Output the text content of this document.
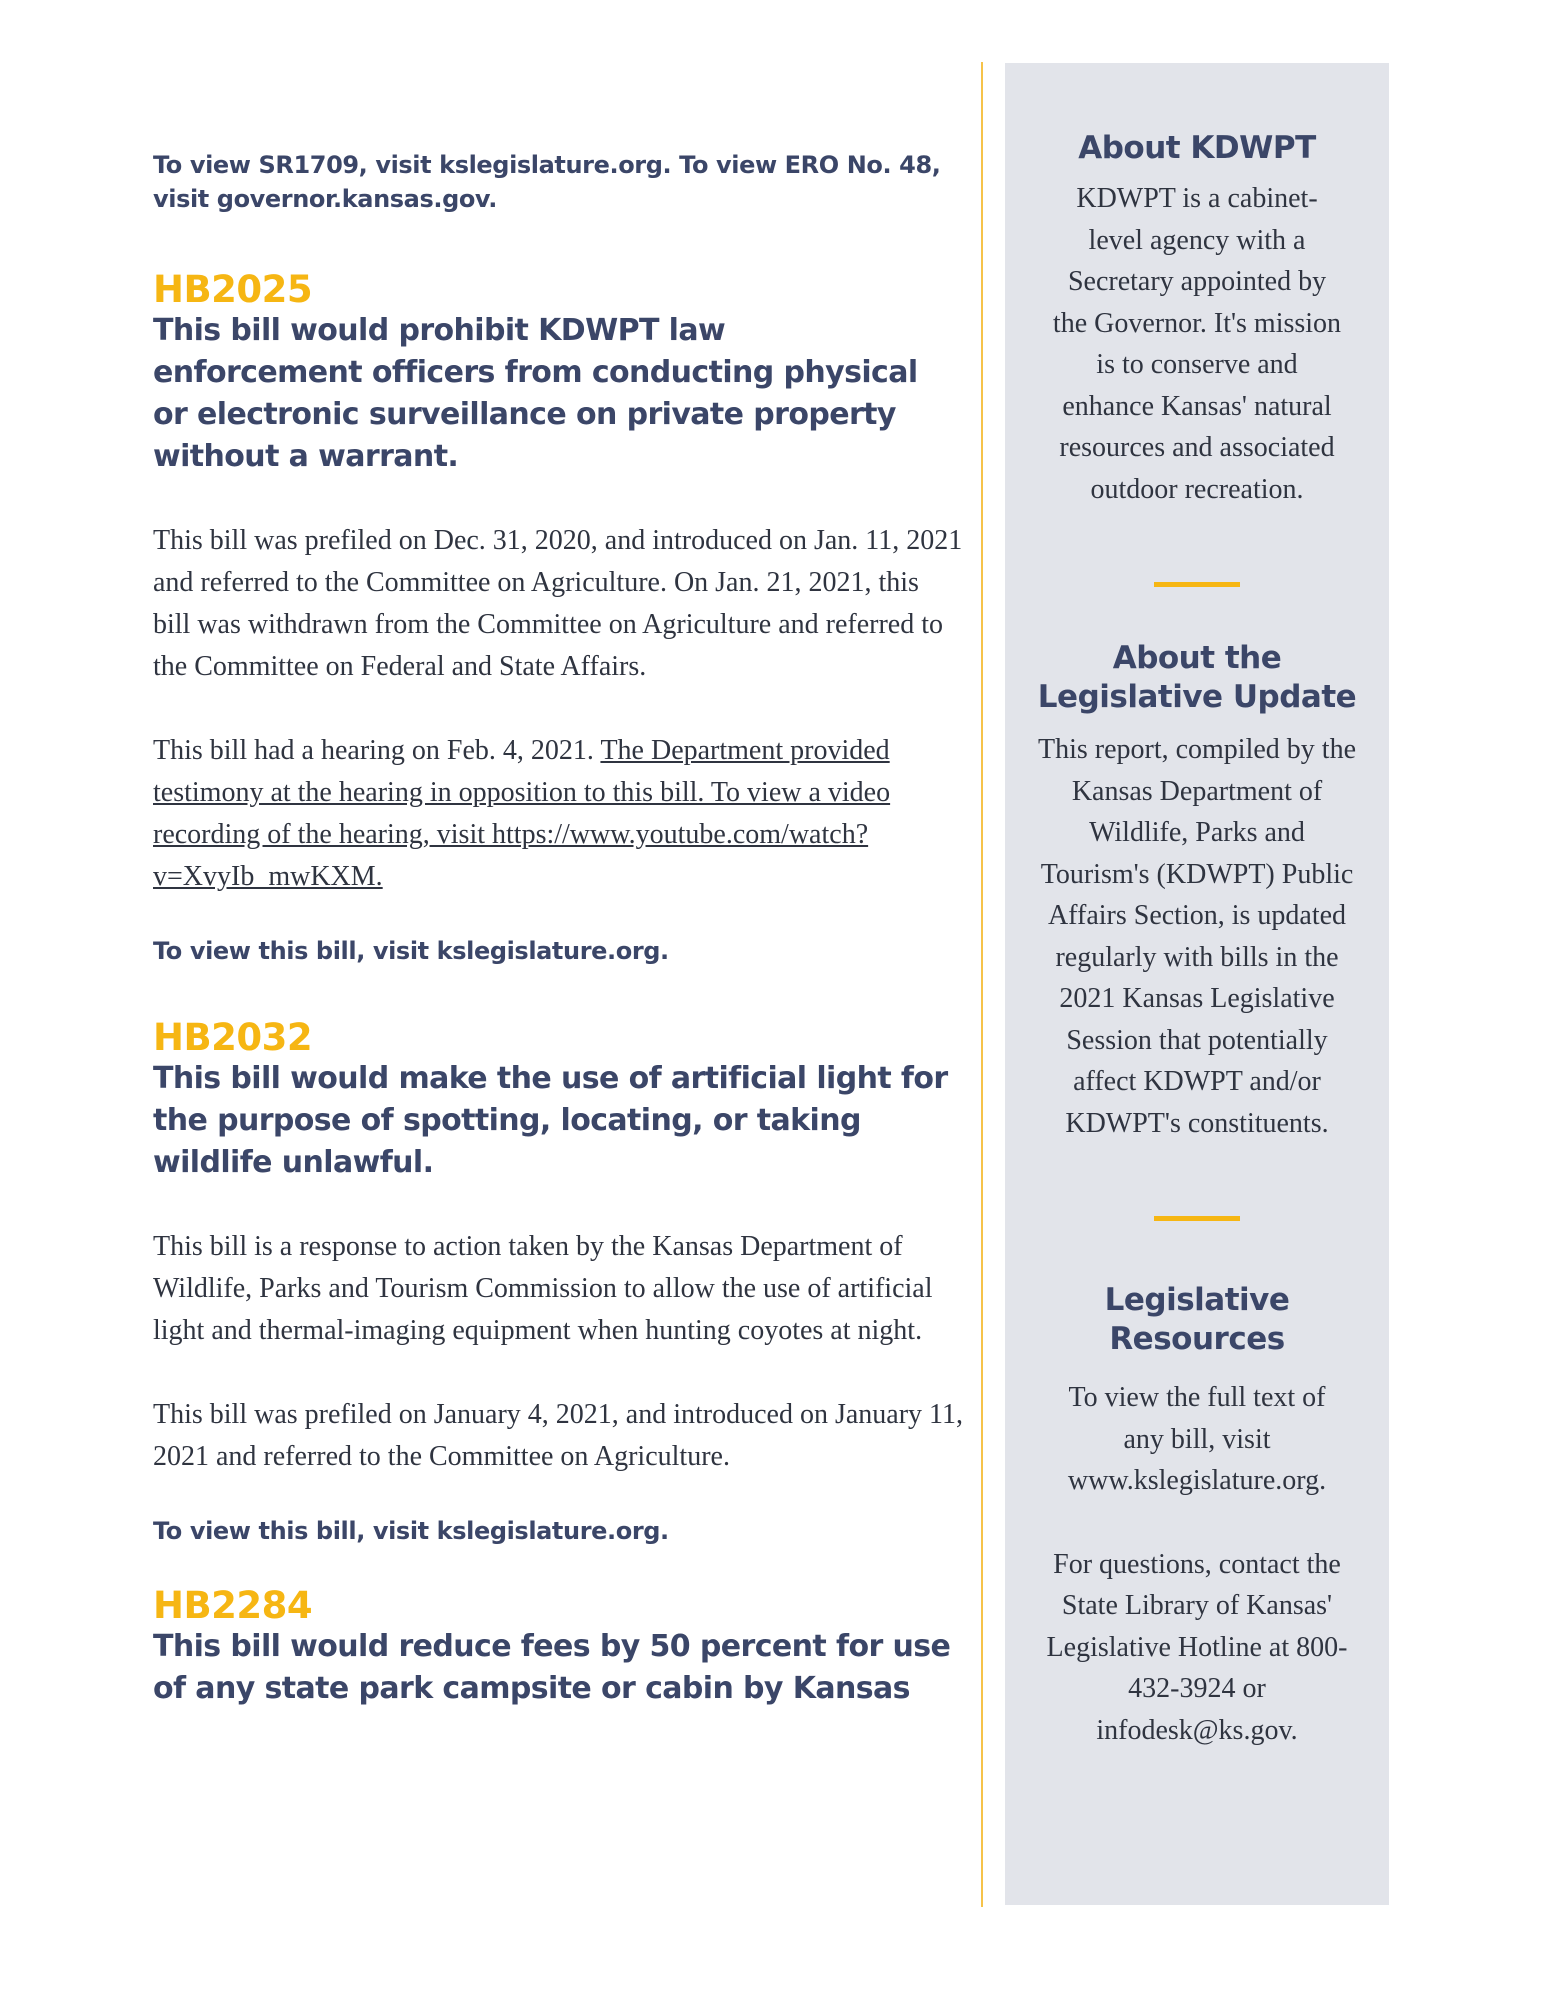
To view SR1709, visit kslegislature.org. To view ERO No. 48, visit governor.kansas.gov.

HB2025

This bill would prohibit KDWPT law enforcement officers from conducting physical or electronic surveillance on private property without a warrant.

This bill was prefiled on Dec. 31, 2020, and introduced on Jan. 11, 2021 and referred to the Committee on Agriculture. On Jan. 21, 2021, this bill was withdrawn from the Committee on Agriculture and referred to the Committee on Federal and State Affairs.

This bill had a hearing on Feb. 4, 2021. The Department provided testimony at the hearing in opposition to this bill. To view a video recording of the hearing, visit https://www.youtube.com/watch?v=XvyIb_mwKXM.

To view this bill, visit kslegislature.org.

HB2032

This bill would make the use of artificial light for the purpose of spotting, locating, or taking wildlife unlawful.

This bill is a response to action taken by the Kansas Department of Wildlife, Parks and Tourism Commission to allow the use of artificial light and thermal-imaging equipment when hunting coyotes at night.

This bill was prefiled on January 4, 2021, and introduced on January 11, 2021 and referred to the Committee on Agriculture.

To view this bill, visit kslegislature.org.

HB2284

This bill would reduce fees by 50 percent for use of any state park campsite or cabin by Kansas

About KDWPT

KDWPT is a cabinet-level agency with a Secretary appointed by the Governor. It's mission is to conserve and enhance Kansas' natural resources and associated outdoor recreation.

About the Legislative Update

This report, compiled by the Kansas Department of Wildlife, Parks and Tourism's (KDWPT) Public Affairs Section, is updated regularly with bills in the 2021 Kansas Legislative Session that potentially affect KDWPT and/or KDWPT's constituents.

Legislative Resources

To view the full text of any bill, visit www.kslegislature.org.

For questions, contact the State Library of Kansas' Legislative Hotline at 800-432-3924 or infodesk@ks.gov.
